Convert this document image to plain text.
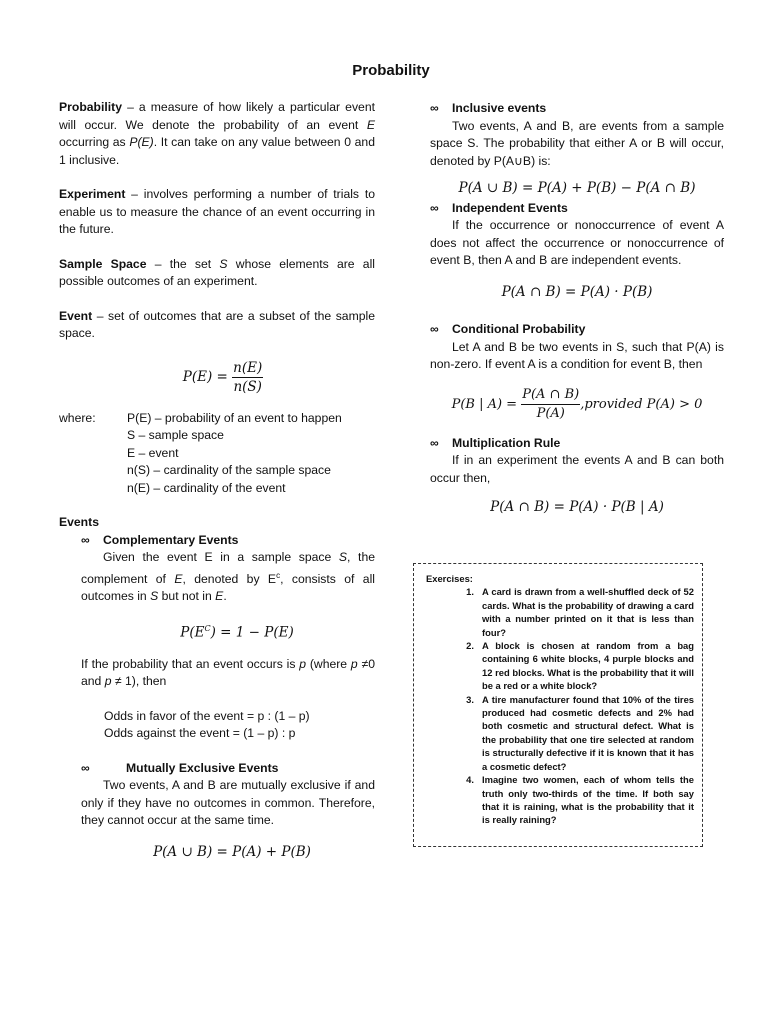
Probability

Probability – a measure of how likely a particular event will occur. We denote the probability of an event E occurring as P(E). It can take on any value between 0 and 1 inclusive.

Experiment – involves performing a number of trials to enable us to measure the chance of an event occurring in the future.

Sample Space – the set S whose elements are all possible outcomes of an experiment.

Event – set of outcomes that are a subset of the sample space.

$P(E) = \frac{n(E)}{n(S)}$
where:	P(E) – probability of an event to happen
S – sample space
E – event
n(S) – cardinality of the sample space
n(E) – cardinality of the event
Events
∞ Complementary Events

Given the event E in a sample space S, the complement of E, denoted by $E^c$, consists of all outcomes in S but not in E.

$P(E^C) = 1 - P(E)$

If the probability that an event occurs is p (where p ≠0 and p ≠ 1), then

Odds in favor of the event = p : (1 – p)
Odds against the event = (1 – p) : p
∞	Mutually Exclusive Events

Two events, A and B are mutually exclusive if and only if they have no outcomes in common. Therefore, they cannot occur at the same time.

P(A ∪ B) = P(A) + P(B)
∞ Inclusive events

Two events, A and B, are events from a sample space S. The probability that either A or B will occur, denoted by P(A∪B) is:

P(A ∪ B) = P(A) + P(B) − P(A ∩ B)
∞ Independent Events

If the occurrence or nonoccurrence of event A does not affect the occurrence or nonoccurrence of event B, then A and B are independent events.

P(A ∩ B) = P(A) · P(B)
∞ Conditional Probability

Let A and B be two events in S, such that P(A) is non-zero. If event A is a condition for event B, then

P(B | $A) = \frac{P(A \cap B)}{P(A)}$ ,provided P(A) > 0
∞ Multiplication Rule

If in an experiment the events A and B can both occur then,

P(A ∩ B) = P(A) · P(B | A)
Exercises:
1. A card is drawn from a well-shuffled deck of 52 cards. What is the probability of drawing a card with a number printed on it that is less than four?
2. A block is chosen at random from a bag containing 6 white blocks, 4 purple blocks and 12 red blocks. What is the probability that it will be a red or a white block?
3. A tire manufacturer found that 10% of the tires produced had cosmetic defects and 2% had both cosmetic and structural defect. What is the probability that one tire selected at random is structurally defective if it is known that it has a cosmetic defect?
4. Imagine two women, each of whom tells the truth only two-thirds of the time. If both say that it is raining, what is the probability that it is really raining?
